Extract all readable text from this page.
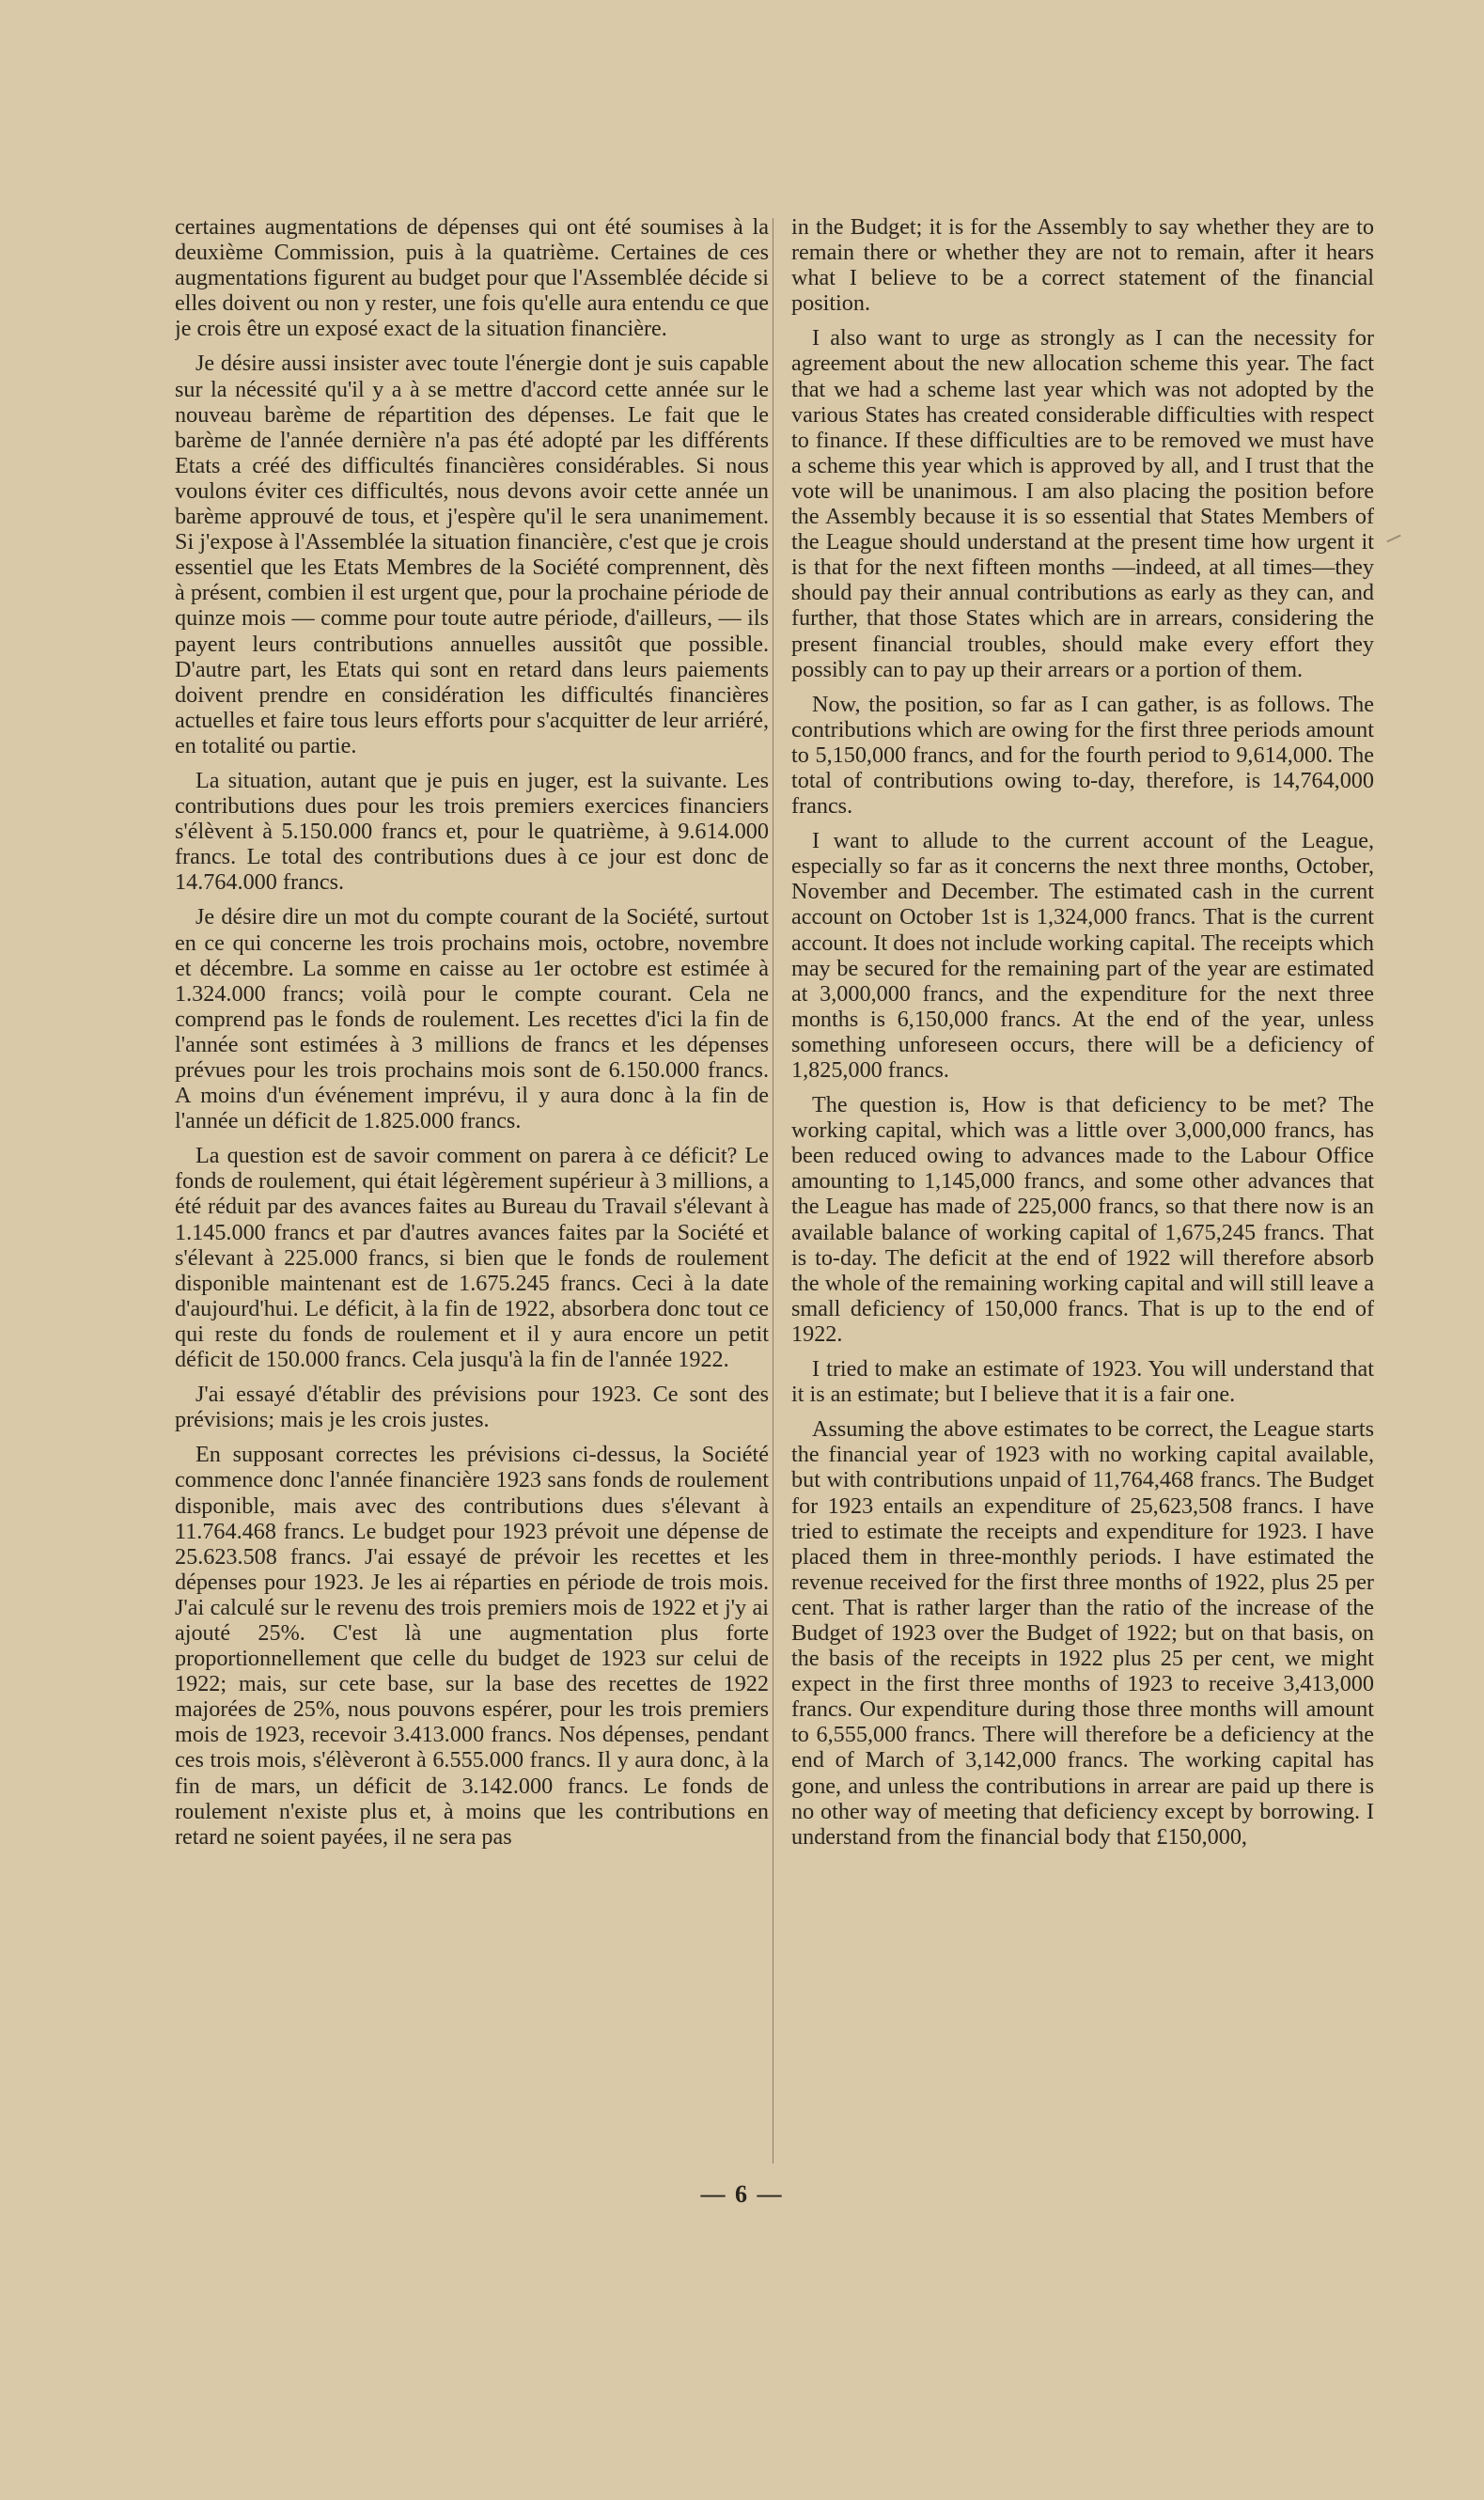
certaines augmentations de dépenses qui ont été soumises à la deuxième Commission, puis à la quatrième. Certaines de ces augmentations figurent au budget pour que l'Assemblée décide si elles doivent ou non y rester, une fois qu'elle aura entendu ce que je crois être un exposé exact de la situation financière.

Je désire aussi insister avec toute l'énergie dont je suis capable sur la nécessité qu'il y a à se mettre d'accord cette année sur le nouveau barème de répartition des dépenses. Le fait que le barème de l'année dernière n'a pas été adopté par les différents Etats a créé des difficultés financières considérables. Si nous voulons éviter ces difficultés, nous devons avoir cette année un barème approuvé de tous, et j'espère qu'il le sera unanimement. Si j'expose à l'Assemblée la situation financière, c'est que je crois essentiel que les Etats Membres de la Société comprennent, dès à présent, combien il est urgent que, pour la prochaine période de quinze mois — comme pour toute autre période, d'ailleurs, — ils payent leurs contributions annuelles aussitôt que possible. D'autre part, les Etats qui sont en retard dans leurs paiements doivent prendre en considération les difficultés financières actuelles et faire tous leurs efforts pour s'acquitter de leur arriéré, en totalité ou partie.

La situation, autant que je puis en juger, est la suivante. Les contributions dues pour les trois premiers exercices financiers s'élèvent à 5.150.000 francs et, pour le quatrième, à 9.614.000 francs. Le total des contributions dues à ce jour est donc de 14.764.000 francs.

Je désire dire un mot du compte courant de la Société, surtout en ce qui concerne les trois prochains mois, octobre, novembre et décembre. La somme en caisse au 1er octobre est estimée à 1.324.000 francs; voilà pour le compte courant. Cela ne comprend pas le fonds de roulement. Les recettes d'ici la fin de l'année sont estimées à 3 millions de francs et les dépenses prévues pour les trois prochains mois sont de 6.150.000 francs. A moins d'un événement imprévu, il y aura donc à la fin de l'année un déficit de 1.825.000 francs.

La question est de savoir comment on parera à ce déficit? Le fonds de roulement, qui était légèrement supérieur à 3 millions, a été réduit par des avances faites au Bureau du Travail s'élevant à 1.145.000 francs et par d'autres avances faites par la Société et s'élevant à 225.000 francs, si bien que le fonds de roulement disponible maintenant est de 1.675.245 francs. Ceci à la date d'aujourd'hui. Le déficit, à la fin de 1922, absorbera donc tout ce qui reste du fonds de roulement et il y aura encore un petit déficit de 150.000 francs. Cela jusqu'à la fin de l'année 1922.

J'ai essayé d'établir des prévisions pour 1923. Ce sont des prévisions; mais je les crois justes.

En supposant correctes les prévisions ci-dessus, la Société commence donc l'année financière 1923 sans fonds de roulement disponible, mais avec des contributions dues s'élevant à 11.764.468 francs. Le budget pour 1923 prévoit une dépense de 25.623.508 francs. J'ai essayé de prévoir les recettes et les dépenses pour 1923. Je les ai réparties en période de trois mois. J'ai calculé sur le revenu des trois premiers mois de 1922 et j'y ai ajouté 25%. C'est là une augmentation plus forte proportionnellement que celle du budget de 1923 sur celui de 1922; mais, sur cete base, sur la base des recettes de 1922 majorées de 25%, nous pouvons espérer, pour les trois premiers mois de 1923, recevoir 3.413.000 francs. Nos dépenses, pendant ces trois mois, s'élèveront à 6.555.000 francs. Il y aura donc, à la fin de mars, un déficit de 3.142.000 francs. Le fonds de roulement n'existe plus et, à moins que les contributions en retard ne soient payées, il ne sera pas

in the Budget; it is for the Assembly to say whether they are to remain there or whether they are not to remain, after it hears what I believe to be a correct statement of the financial position.

I also want to urge as strongly as I can the necessity for agreement about the new allocation scheme this year. The fact that we had a scheme last year which was not adopted by the various States has created considerable difficulties with respect to finance. If these difficulties are to be removed we must have a scheme this year which is approved by all, and I trust that the vote will be unanimous. I am also placing the position before the Assembly because it is so essential that States Members of the League should understand at the present time how urgent it is that for the next fifteen months —indeed, at all times—they should pay their annual contributions as early as they can, and further, that those States which are in arrears, considering the present financial troubles, should make every effort they possibly can to pay up their arrears or a portion of them.

Now, the position, so far as I can gather, is as follows. The contributions which are owing for the first three periods amount to 5,150,000 francs, and for the fourth period to 9,614,000. The total of contributions owing to-day, therefore, is 14,764,000 francs.

I want to allude to the current account of the League, especially so far as it concerns the next three months, October, November and December. The estimated cash in the current account on October 1st is 1,324,000 francs. That is the current account. It does not include working capital. The receipts which may be secured for the remaining part of the year are estimated at 3,000,000 francs, and the expenditure for the next three months is 6,150,000 francs. At the end of the year, unless something unforeseen occurs, there will be a deficiency of 1,825,000 francs.

The question is, How is that deficiency to be met? The working capital, which was a little over 3,000,000 francs, has been reduced owing to advances made to the Labour Office amounting to 1,145,000 francs, and some other advances that the League has made of 225,000 francs, so that there now is an available balance of working capital of 1,675,245 francs. That is to-day. The deficit at the end of 1922 will therefore absorb the whole of the remaining working capital and will still leave a small deficiency of 150,000 francs. That is up to the end of 1922.

I tried to make an estimate of 1923. You will understand that it is an estimate; but I believe that it is a fair one.

Assuming the above estimates to be correct, the League starts the financial year of 1923 with no working capital available, but with contributions unpaid of 11,764,468 francs. The Budget for 1923 entails an expenditure of 25,623,508 francs. I have tried to estimate the receipts and expenditure for 1923. I have placed them in three-monthly periods. I have estimated the revenue received for the first three months of 1922, plus 25 per cent. That is rather larger than the ratio of the increase of the Budget of 1923 over the Budget of 1922; but on that basis, on the basis of the receipts in 1922 plus 25 per cent, we might expect in the first three months of 1923 to receive 3,413,000 francs. Our expenditure during those three months will amount to 6,555,000 francs. There will therefore be a deficiency at the end of March of 3,142,000 francs. The working capital has gone, and unless the contributions in arrear are paid up there is no other way of meeting that deficiency except by borrowing. I understand from the financial body that £150,000,

— 6 —
